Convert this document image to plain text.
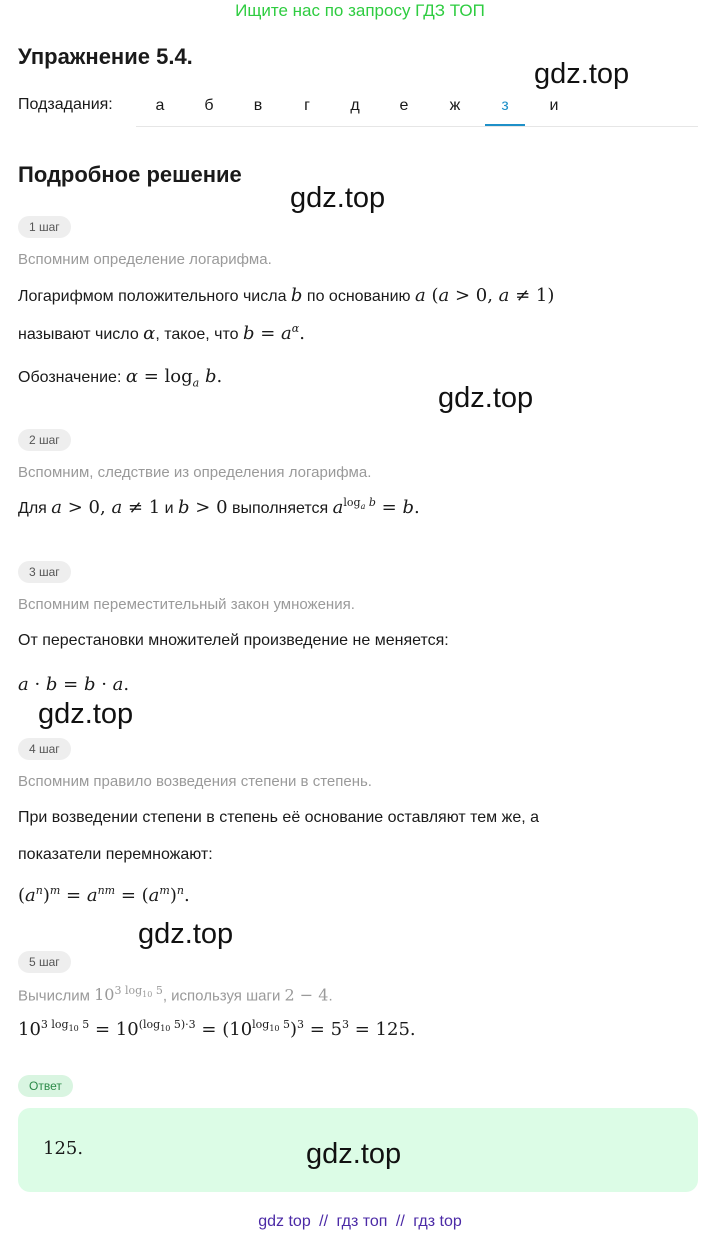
Ищите нас по запросу ГДЗ ТОП
Упражнение 5.4.
gdz.top
Подзадания:	а	б	в	г	д	е	ж	з	и
Подробное решение
gdz.top
1 шаг
Вспомним определение логарифма.
Логарифмом положительного числа b по основанию a (a > 0, a ≠ 1)
называют число α, такое, что $b = a^\alpha$.
Обозначение: $\alpha = \log_a b$.
gdz.top
2 шаг
Вспомним, следствие из определения логарифма.
Для a > 0, a ≠ 1 и b > 0 выполняется $a^{log_a b} = b$.
3 шаг
Вспомним переместительный закон умножения.
От перестановки множителей произведение не меняется:
a · b = b · a.
gdz.top
4 шаг
Вспомним правило возведения степени в степень.
При возведении степени в степень её основание оставляют тем же, а
показатели перемножают:
$(a^n)^m = a^{nm} = (a^m)^n$.
gdz.top
5 шаг
Вычислим $10^{3 log_{10} 5}$, используя шаги 2 − 4.
$10^{3 log_{10} 5} = 10^{(log_{10} 5)\cdot 3} = (10^{log_{10} 5})^3 = 5^3 = 125$.
Ответ
125.	gdz.top
gdz top // гдз топ // гдз top
